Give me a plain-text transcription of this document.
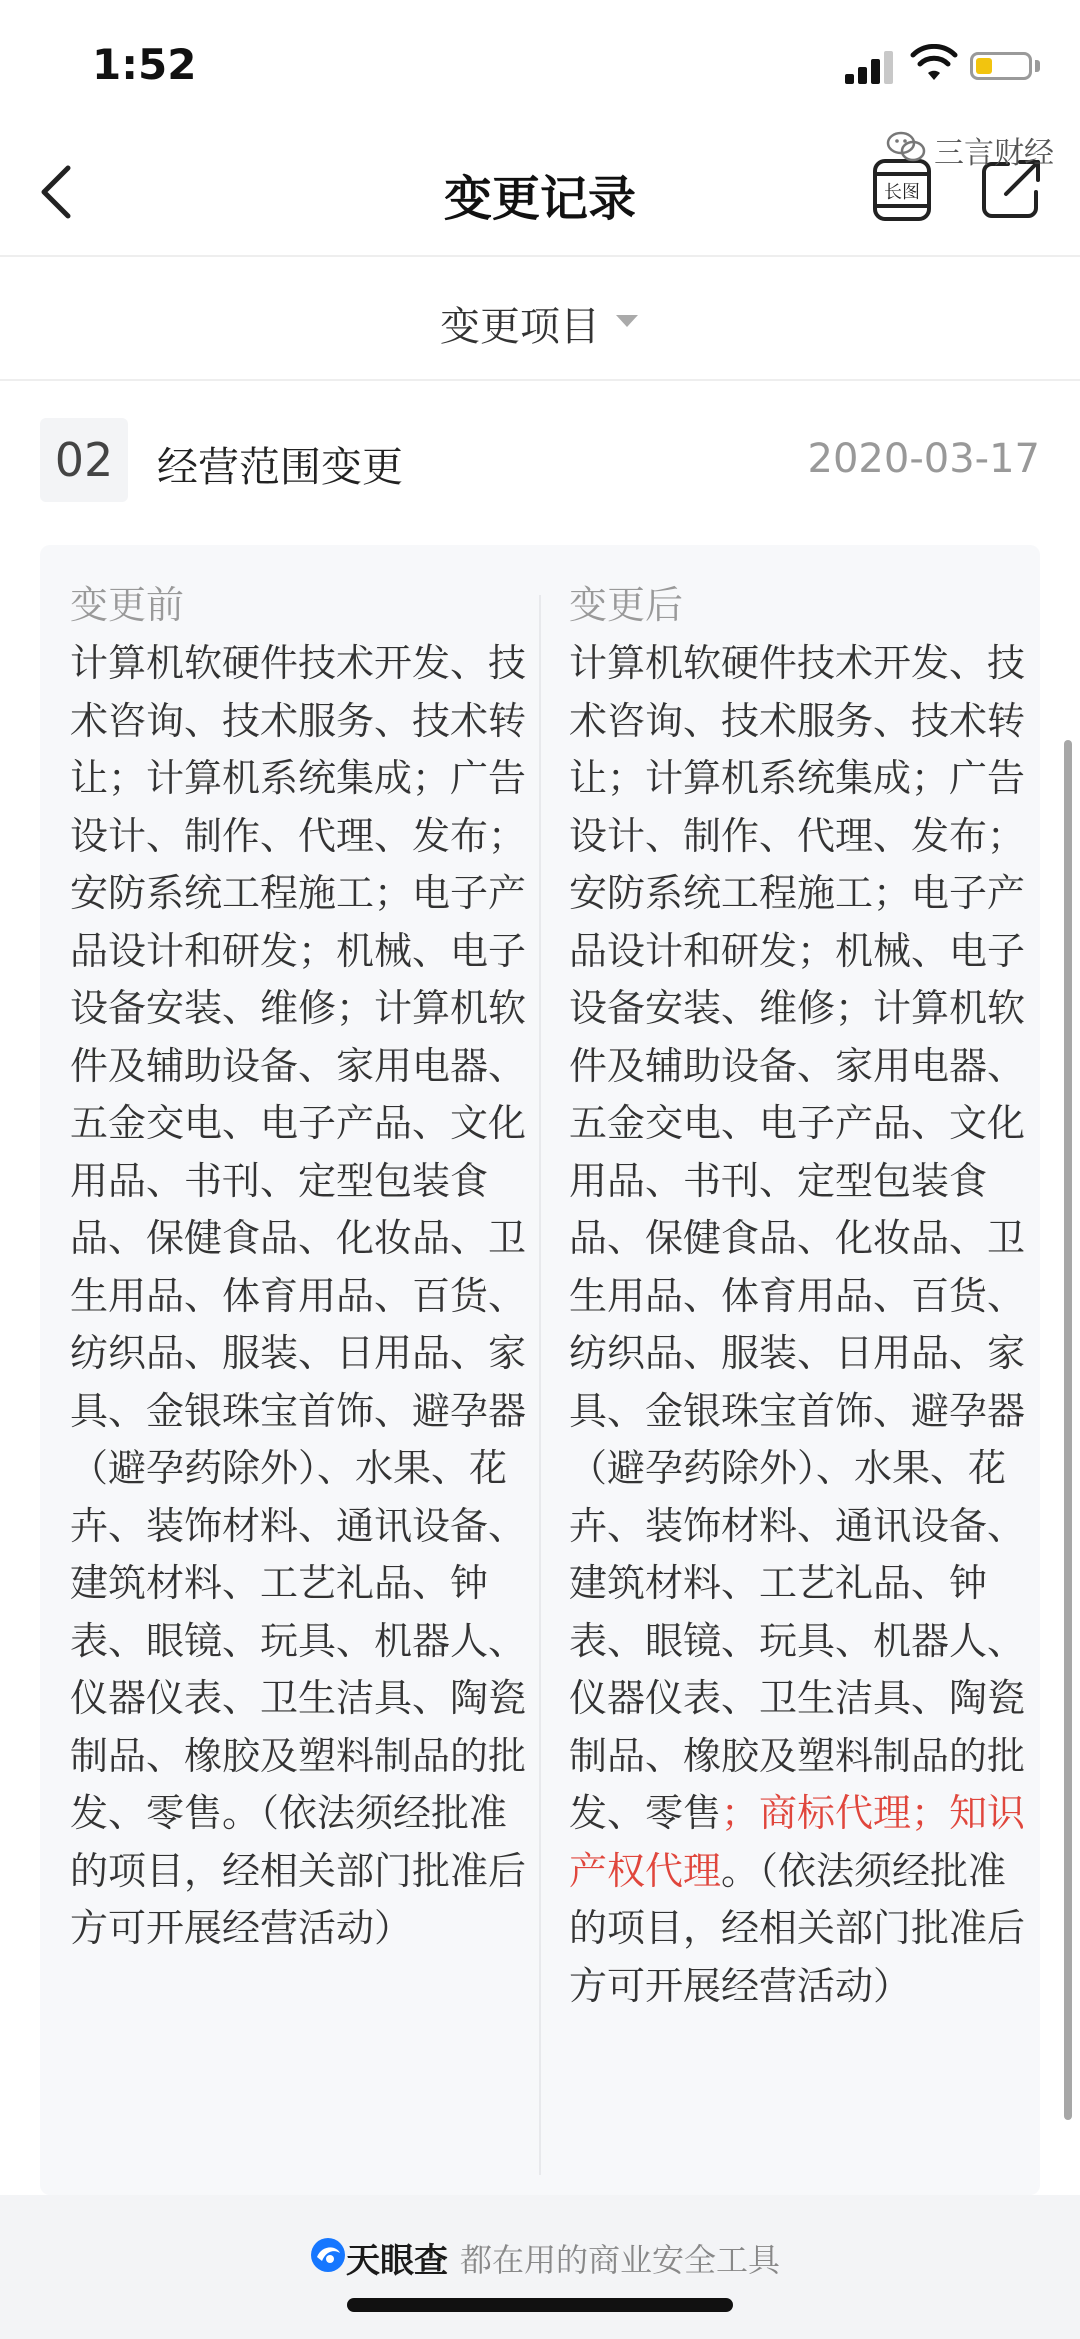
1:52
变更记录	长图
变更项目
02	经营范围变更	2020-03-17
变更前
计算机软硬件技术开发、技术咨询、技术服务、技术转让；计算机系统集成；广告设计、制作、代理、发布；安防系统工程施工；电子产品设计和研发；机械、电子设备安装、维修；计算机软件及辅助设备、家用电器、五金交电、电子产品、文化用品、书刊、定型包装食品、保健食品、化妆品、卫生用品、体育用品、百货、纺织品、服装、日用品、家具、金银珠宝首饰、避孕器（避孕药除外）、水果、花卉、装饰材料、通讯设备、建筑材料、工艺礼品、钟表、眼镜、玩具、机器人、仪器仪表、卫生洁具、陶瓷制品、橡胶及塑料制品的批发、零售。（依法须经批准的项目，经相关部门批准后方可开展经营活动）
变更后
计算机软硬件技术开发、技术咨询、技术服务、技术转让；计算机系统集成；广告设计、制作、代理、发布；安防系统工程施工；电子产品设计和研发；机械、电子设备安装、维修；计算机软件及辅助设备、家用电器、五金交电、电子产品、文化用品、书刊、定型包装食品、保健食品、化妆品、卫生用品、体育用品、百货、纺织品、服装、日用品、家具、金银珠宝首饰、避孕器（避孕药除外）、水果、花卉、装饰材料、通讯设备、建筑材料、工艺礼品、钟表、眼镜、玩具、机器人、仪器仪表、卫生洁具、陶瓷制品、橡胶及塑料制品的批发、零售；商标代理；知识产权代理。（依法须经批准的项目，经相关部门批准后方可开展经营活动）
天眼查 都在用的商业安全工具
三言财经
